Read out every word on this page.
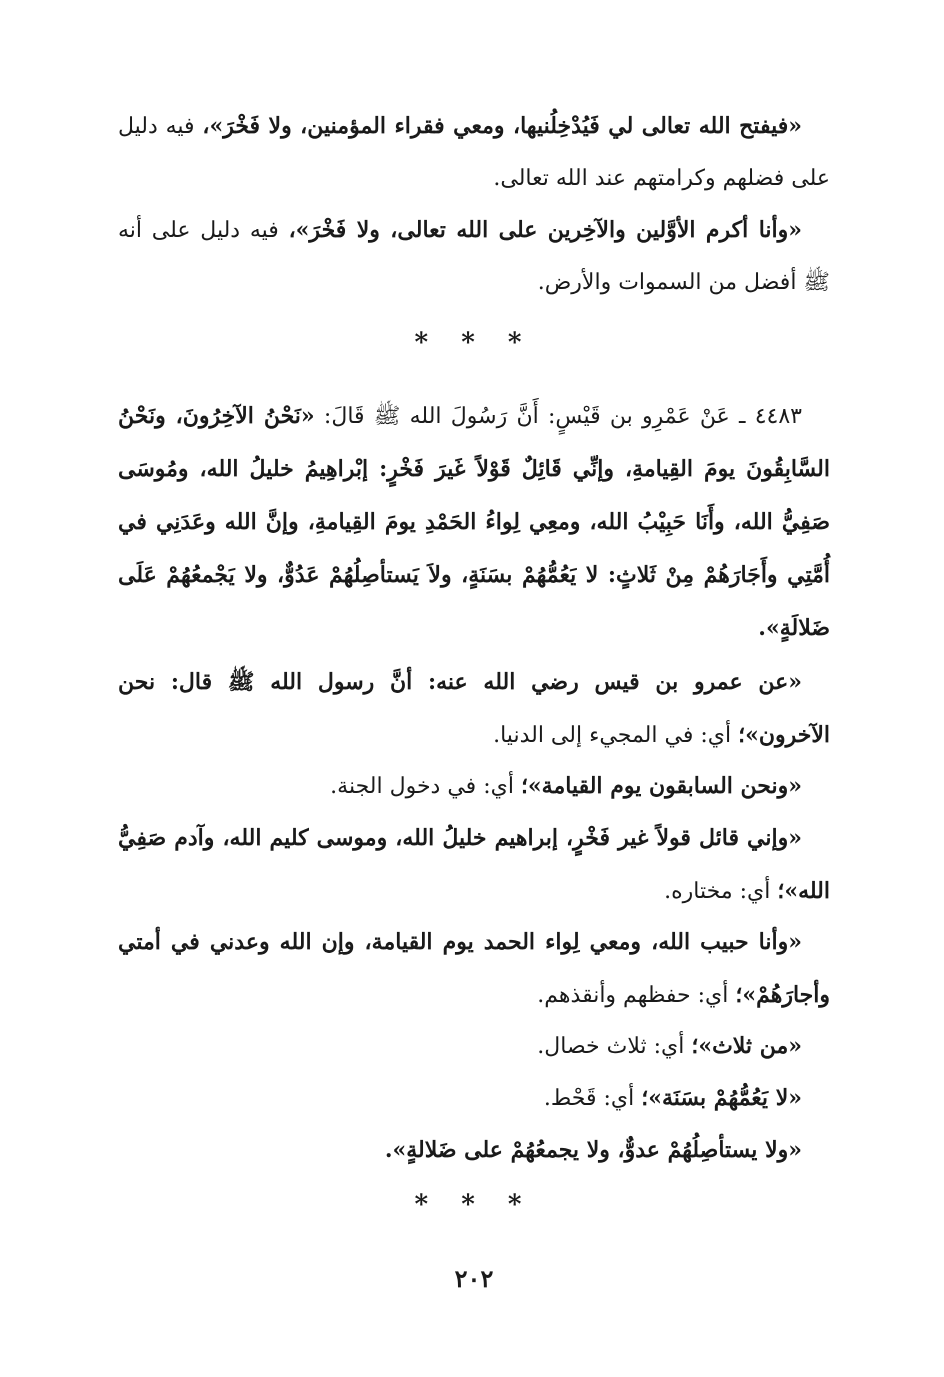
«فيفتح الله تعالى لي فَيُدْخِلُنيها، ومعي فقراء المؤمنين، ولا فَخْرَ»، فيه دليل على فضلهم وكرامتهم عند الله تعالى.

«وأنا أكرم الأوَّلين والآخِرين على الله تعالى، ولا فَخْرَ»، فيه دليل على أنه ﷺ أفضل من السموات والأرض.

* * *

٤٤٨٣ ـ عَنْ عَمْرِو بن قَيْسٍ: أَنَّ رَسُولَ الله ﷺ قَالَ: «نَحْنُ الآخِرُونَ، ونَحْنُ السَّابِقُونَ يومَ القِيامةِ، وإنِّي قَائِلٌ قَوْلاً غَيرَ فَخْرٍ: إبْراهِيمُ خليلُ الله، ومُوسَى صَفِيُّ الله، وأَنَا حَبِيْبُ الله، ومعِي لِواءُ الحَمْدِ يومَ القِيامةِ، وإنَّ الله وعَدَنِي في أُمَّتِي وأَجَارَهُمْ مِنْ ثَلاثٍ: لا يَعُمُّهُمْ بسَنَةٍ، ولاَ يَستأصِلُهُمْ عَدُوٌّ، ولا يَجْمعُهُمْ عَلَى ضَلالَةٍ».

«عن عمرو بن قيس رضي الله عنه: أنَّ رسول الله ﷺ قال: نحن الآخرون»؛ أي: في المجيء إلى الدنيا.

«ونحن السابقون يوم القيامة»؛ أي: في دخول الجنة.

«وإني قائل قولاً غير فَخْرٍ، إبراهيم خليلُ الله، وموسى كليم الله، وآدم صَفِيُّ الله»؛ أي: مختاره.

«وأنا حبيب الله، ومعي لِواء الحمد يوم القيامة، وإن الله وعدني في أمتي وأجارَهُمْ»؛ أي: حفظهم وأنقذهم.

«من ثلاث»؛ أي: ثلاث خصال.

«لا يَعُمُّهُمْ بسَنَة»؛ أي: قَحْط.

«ولا يستأصِلُهُمْ عدوٌّ، ولا يجمعُهُمْ على ضَلالةٍ».

* * *
٢٠٢
